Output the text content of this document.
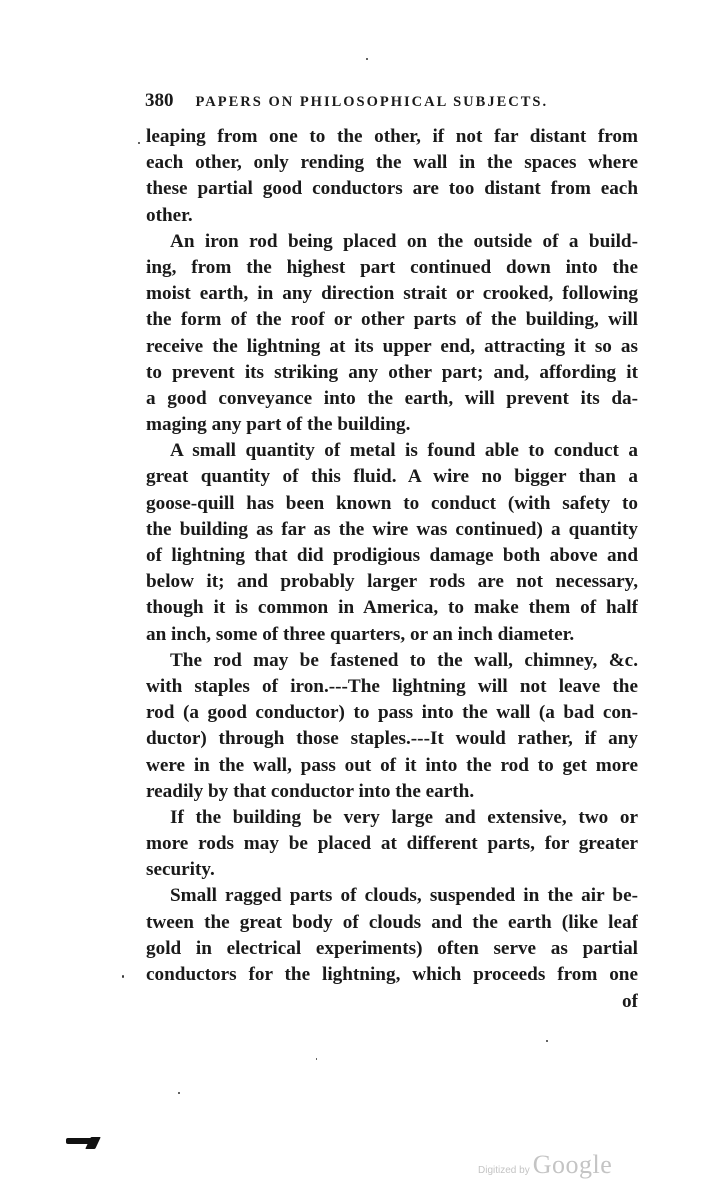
380 PAPERS ON PHILOSOPHICAL SUBJECTS.
leaping from one to the other, if not far distant from
each other, only rending the wall in the spaces where
these partial good conductors are too distant from each
other.
An iron rod being placed on the outside of a build-
ing, from the highest part continued down into the
moist earth, in any direction strait or crooked, following
the form of the roof or other parts of the building, will
receive the lightning at its upper end, attracting it so as
to prevent its striking any other part; and, affording it
a good conveyance into the earth, will prevent its da-
maging any part of the building.
A small quantity of metal is found able to conduct a
great quantity of this fluid. A wire no bigger than a
goose-quill has been known to conduct (with safety to
the building as far as the wire was continued) a quantity
of lightning that did prodigious damage both above and
below it; and probably larger rods are not necessary,
though it is common in America, to make them of half
an inch, some of three quarters, or an inch diameter.
The rod may be fastened to the wall, chimney, &c.
with staples of iron.---The lightning will not leave the
rod (a good conductor) to pass into the wall (a bad con-
ductor) through those staples.---It would rather, if any
were in the wall, pass out of it into the rod to get more
readily by that conductor into the earth.
If the building be very large and extensive, two or
more rods may be placed at different parts, for greater
security.
Small ragged parts of clouds, suspended in the air be-
tween the great body of clouds and the earth (like leaf
gold in electrical experiments) often serve as partial
conductors for the lightning, which proceeds from one
of
Digitized by Google
